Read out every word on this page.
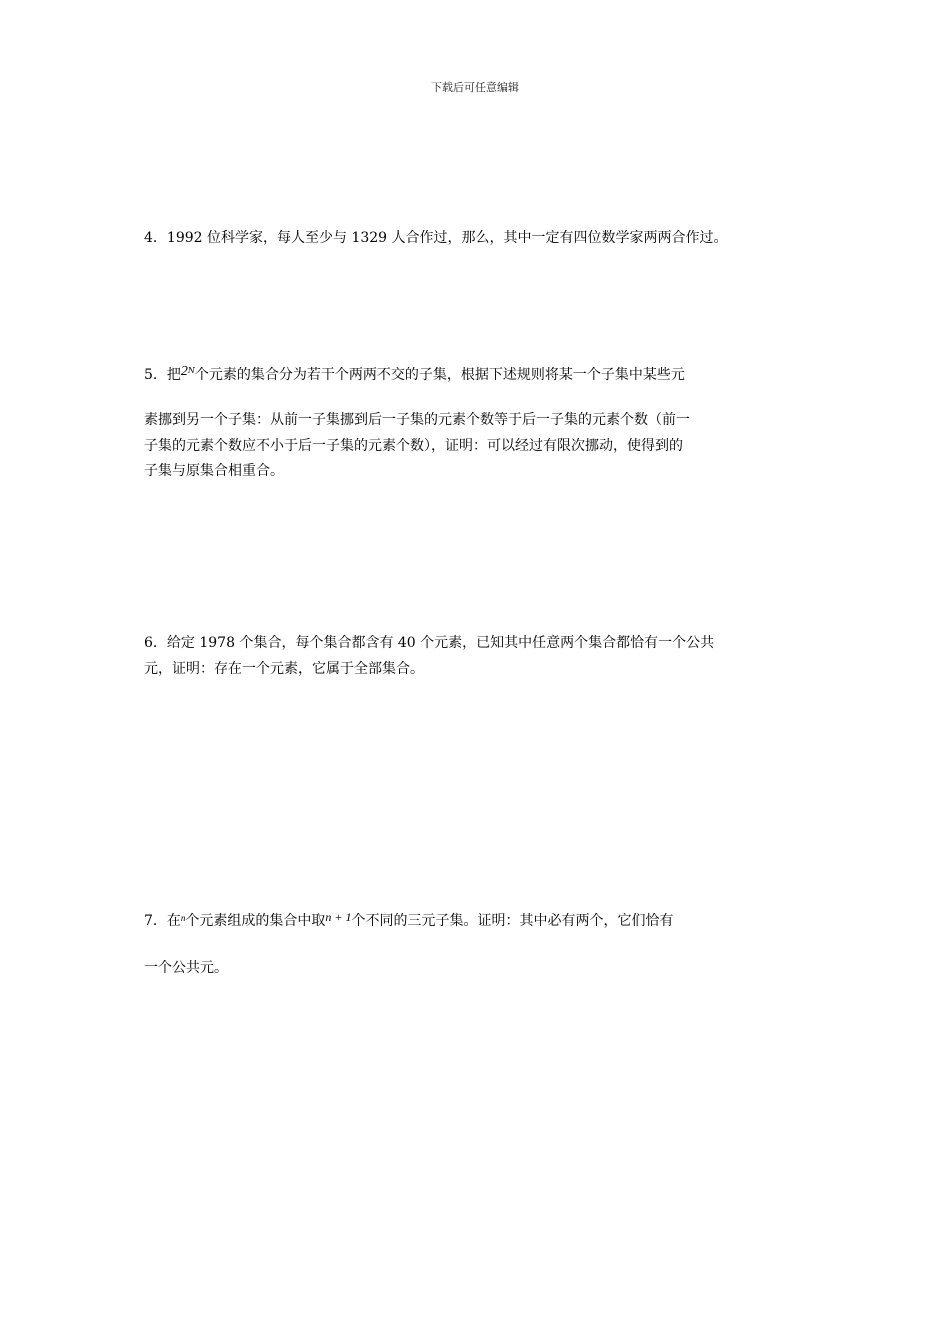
下载后可任意编辑
4．1992 位科学家，每人至少与 1329 人合作过，那么，其中一定有四位数学家两两合作过。
5．把$2^N$个元素的集合分为若干个两两不交的子集，根据下述规则将某一个子集中某些元
素挪到另一个子集：从前一子集挪到后一子集的元素个数等于后一子集的元素个数（前一
子集的元素个数应不小于后一子集的元素个数），证明：可以经过有限次挪动，使得到的
子集与原集合相重合。
6．给定 1978 个集合，每个集合都含有 40 个元素，已知其中任意两个集合都恰有一个公共
元，证明：存在一个元素，它属于全部集合。
7．在$^n$个元素组成的集合中取n + 1个不同的三元子集。证明：其中必有两个，它们恰有
一个公共元。
